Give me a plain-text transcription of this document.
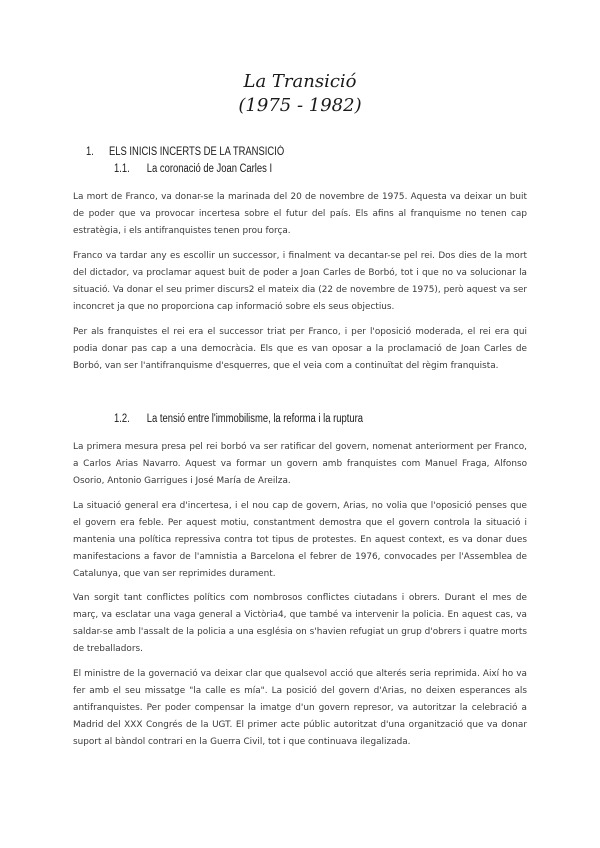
La Transició
(1975 - 1982)
1. ELS INICIS INCERTS DE LA TRANSICIÓ
1.1. La coronació de Joan Carles I

La mort de Franco, va donar-se la marinada del 20 de novembre de 1975. Aquesta va deixar un buit de poder que va provocar incertesa sobre el futur del país. Els afins al franquisme no tenen cap estratègia, i els antifranquistes tenen prou força.

Franco va tardar any es escollir un successor, i finalment va decantar-se pel rei. Dos dies de la mort del dictador, va proclamar aquest buit de poder a Joan Carles de Borbó, tot i que no va solucionar la situació. Va donar el seu primer discurs2 el mateix dia (22 de novembre de 1975), però aquest va ser inconcret ja que no proporciona cap informació sobre els seus objectius.

Per als franquistes el rei era el successor triat per Franco, i per l'oposició moderada, el rei era qui podia donar pas cap a una democràcia. Els que es van oposar a la proclamació de Joan Carles de Borbó, van ser l'antifranquisme d'esquerres, que el veia com a continuïtat del règim franquista.

1.2. La tensió entre l'immobilisme, la reforma i la ruptura

La primera mesura presa pel rei borbó va ser ratificar del govern, nomenat anteriorment per Franco, a Carlos Arias Navarro. Aquest va formar un govern amb franquistes com Manuel Fraga, Alfonso Osorio, Antonio Garrigues i José María de Areilza.

La situació general era d'incertesa, i el nou cap de govern, Arias, no volia que l'oposició penses que el govern era feble. Per aquest motiu, constantment demostra que el govern controla la situació i mantenia una política repressiva contra tot tipus de protestes. En aquest context, es va donar dues manifestacions a favor de l'amnistia a Barcelona el febrer de 1976, convocades per l'Assemblea de Catalunya, que van ser reprimides durament.

Van sorgit tant conflictes polítics com nombrosos conflictes ciutadans i obrers. Durant el mes de març, va esclatar una vaga general a Victòria4, que també va intervenir la policia. En aquest cas, va saldar-se amb l'assalt de la policia a una església on s'havien refugiat un grup d'obrers i quatre morts de treballadors.

El ministre de la governació va deixar clar que qualsevol acció que alterés seria reprimida. Així ho va fer amb el seu missatge "la calle es mía". La posició del govern d'Arias, no deixen esperances als antifranquistes. Per poder compensar la imatge d'un govern represor, va autoritzar la celebració a Madrid del XXX Congrés de la UGT. El primer acte públic autoritzat d'una organització que va donar suport al bàndol contrari en la Guerra Civil, tot i que continuava ilegalizada.
